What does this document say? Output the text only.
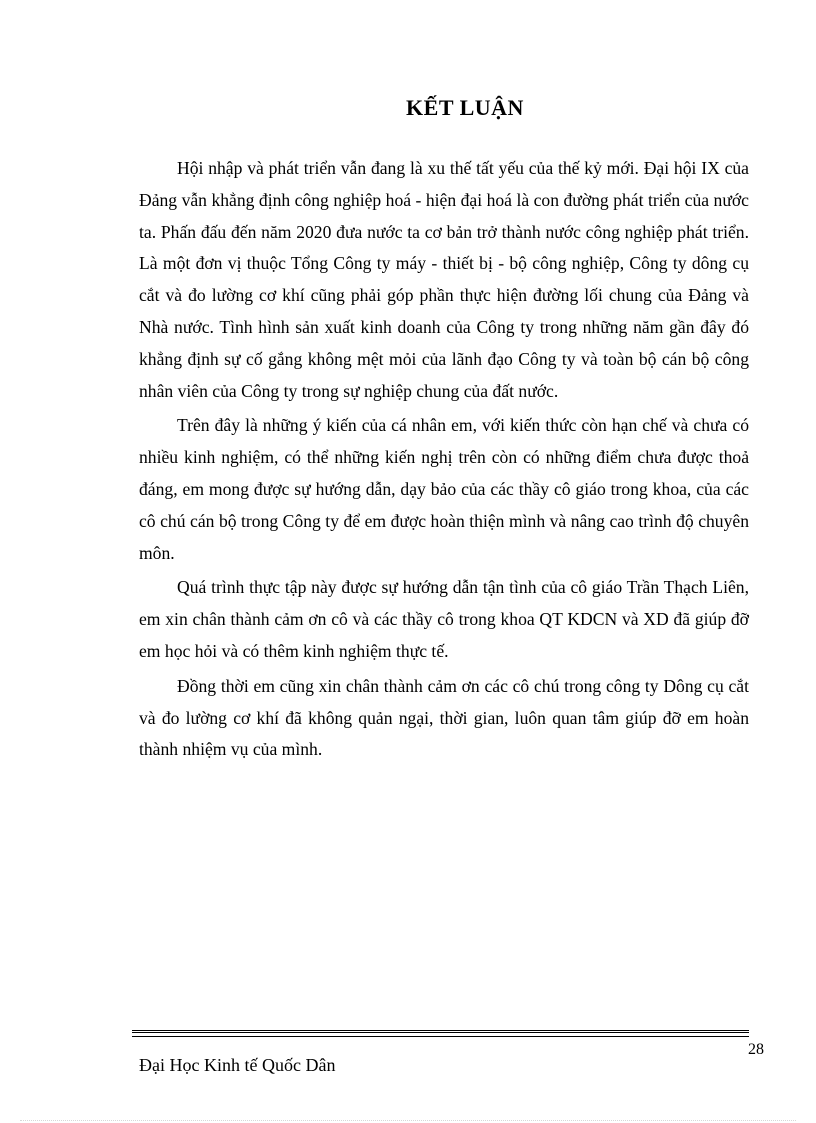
KẾT LUẬN

Hội nhập và phát triển vẫn đang là xu thế tất yếu của thế kỷ mới. Đại hội IX của Đảng vẫn khẳng định công nghiệp hoá - hiện đại hoá là con đường phát triển của nước ta. Phấn đấu đến năm 2020 đưa nước ta cơ bản trở thành nước công nghiệp phát triển. Là một đơn vị thuộc Tổng Công ty máy - thiết bị - bộ công nghiệp, Công ty dông cụ cắt và đo lường cơ khí cũng phải góp phần thực hiện đường lối chung của Đảng và Nhà nước. Tình hình sản xuất kinh doanh của Công ty trong những năm gần đây đó khẳng định sự cố gắng không mệt mỏi của lãnh đạo Công ty và toàn bộ cán bộ công nhân viên của Công ty trong sự nghiệp chung của đất nước.

Trên đây là những ý kiến của cá nhân em, với kiến thức còn hạn chế và chưa có nhiều kinh nghiệm, có thể những kiến nghị trên còn có những điểm chưa được thoả đáng, em mong được sự hướng dẫn, dạy bảo của các thầy cô giáo trong khoa, của các cô chú cán bộ trong Công ty để em được hoàn thiện mình và nâng cao trình độ chuyên môn.

Quá trình thực tập này được sự hướng dẫn tận tình của cô giáo Trần Thạch Liên, em xin chân thành cảm ơn cô và các thầy cô trong khoa QT KDCN và XD đã giúp đỡ em học hỏi và có thêm kinh nghiệm thực tế.

Đồng thời em cũng xin chân thành cảm ơn các cô chú trong công ty Dông cụ cắt và đo lường cơ khí đã không quản ngại, thời gian, luôn quan tâm giúp đỡ em hoàn thành nhiệm vụ của mình.

28
Đại Học Kinh tế Quốc Dân
